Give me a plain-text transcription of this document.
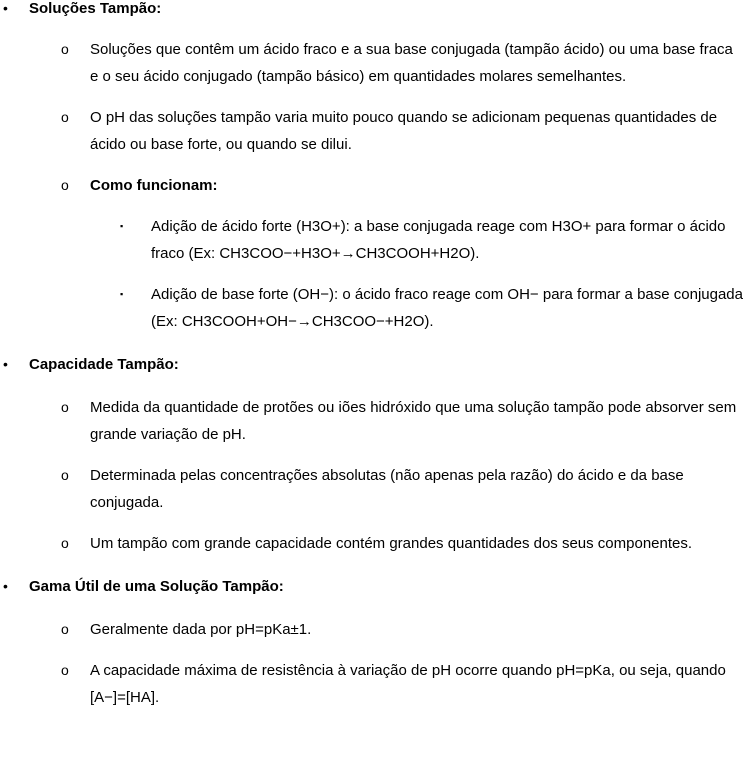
• Soluções Tampão:
o Soluções que contêm um ácido fraco e a sua base conjugada (tampão ácido) ou uma base fraca e o seu ácido conjugado (tampão básico) em quantidades molares semelhantes.
o O pH das soluções tampão varia muito pouco quando se adicionam pequenas quantidades de ácido ou base forte, ou quando se dilui.
o Como funcionam:
▪ Adição de ácido forte (H3O+): a base conjugada reage com H3O+ para formar o ácido fraco (Ex: CH3COO−+H3O+→CH3COOH+H2O).
▪ Adição de base forte (OH−): o ácido fraco reage com OH− para formar a base conjugada (Ex: CH3COOH+OH−→CH3COO−+H2O).
• Capacidade Tampão:
o Medida da quantidade de protões ou iões hidróxido que uma solução tampão pode absorver sem grande variação de pH.
o Determinada pelas concentrações absolutas (não apenas pela razão) do ácido e da base conjugada.
o Um tampão com grande capacidade contém grandes quantidades dos seus componentes.
• Gama Útil de uma Solução Tampão:
o Geralmente dada por pH=pKa±1.
o A capacidade máxima de resistência à variação de pH ocorre quando pH=pKa, ou seja, quando [A−]=[HA].
